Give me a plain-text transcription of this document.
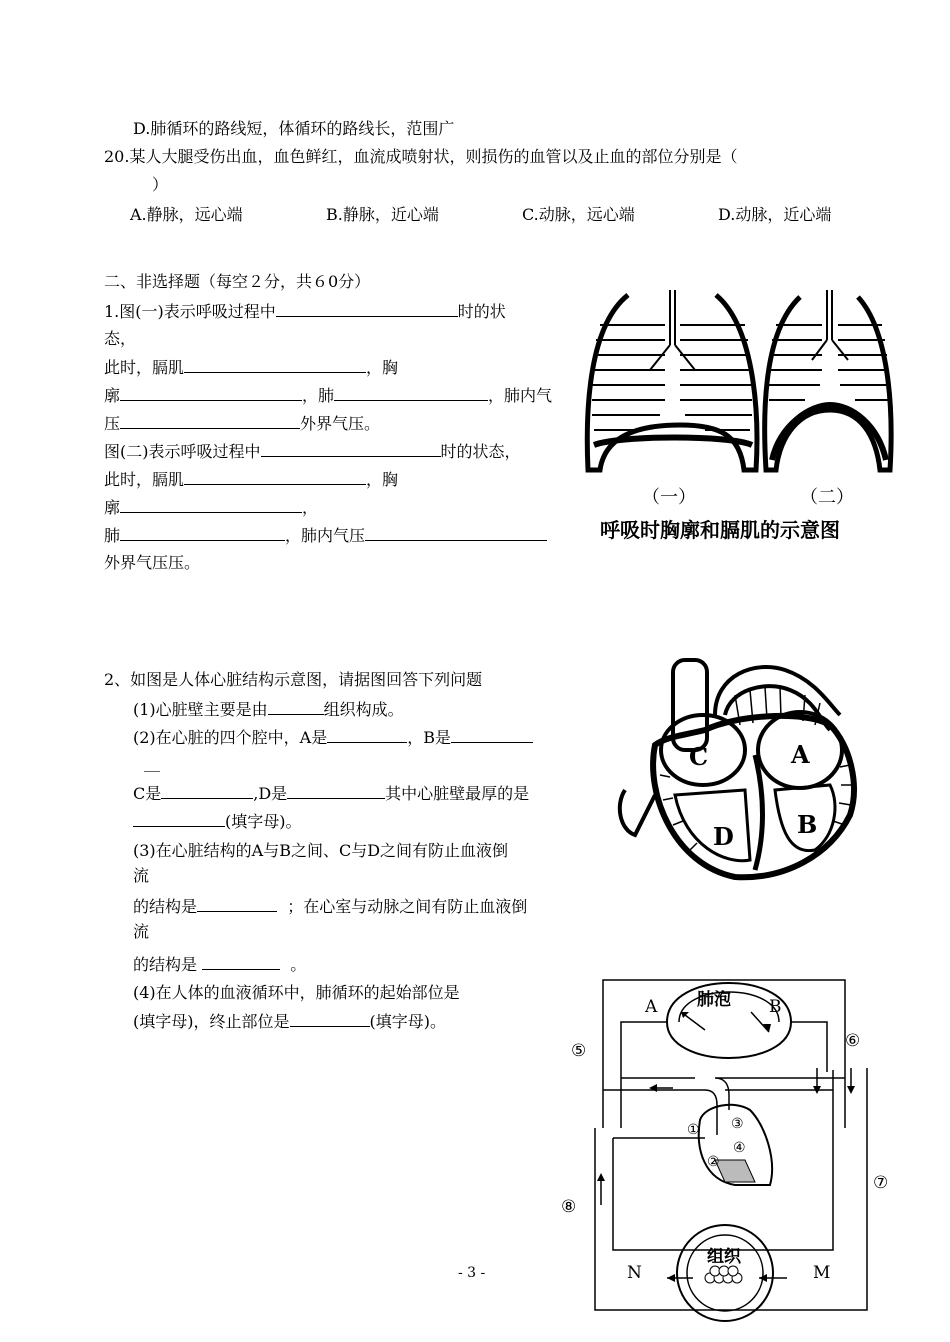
D.肺循环的路线短，体循环的路线长，范围广
20.某人大腿受伤出血，血色鲜红，血流成喷射状，则损伤的血管以及止血的部位分别是（
）
A.静脉，远心端	B.静脉，近心端	C.动脉，远心端	D.动脉，近心端
二、非选择题（每空２分，共６0分）
1.图(一)表示呼吸过程中	时的状
态，
此时，膈肌	，胸
廓	，肺	，肺内气
压	外界气压。
图(二)表示呼吸过程中	时的状态，
此时，膈肌	，胸
廓	，
肺	，肺内气压
外界气压压。
（一）	（二）
呼吸时胸廓和膈肌的示意图
2、如图是人体心脏结构示意图，请据图回答下列问题
(1)心脏壁主要是由	组织构成。
(2)在心脏的四个腔中，A是	，B是
__
C是	,D是	其中心脏壁最厚的是
(填字母)。
(3)在心脏结构的A与B之间、C与D之间有防止血液倒
流
的结构是	；在心室与动脉之间有防止血液倒
流
的结构是	。
(4)在人体的血液循环中，肺循环的起始部位是
(填字母)，终止部位是	(填字母)。
C	A
D	B
肺泡
组织
A	B
N	M
①
②
③
④
⑤	⑥
⑦
⑧
- 3 -
